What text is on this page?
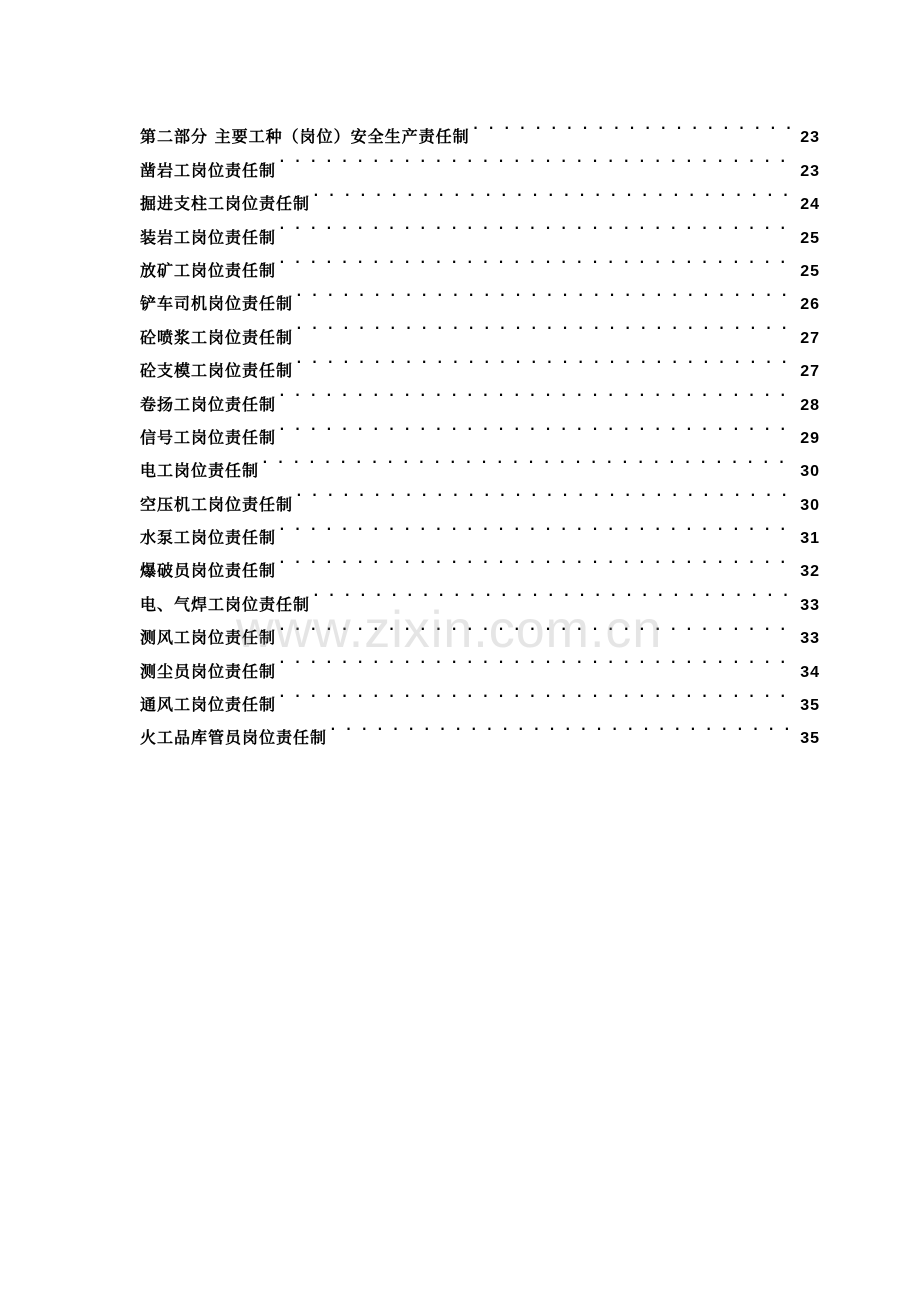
第二部分 主要工种（岗位）安全生产责任制 . . .	23
凿岩工岗位责任制 . . .	23
掘进支柱工岗位责任制 . . .	24
装岩工岗位责任制 . . .	25
放矿工岗位责任制 . . .	25
铲车司机岗位责任制 . . .	26
砼喷浆工岗位责任制 . . .	27
砼支模工岗位责任制 . . .	27
卷扬工岗位责任制 . . .	28
信号工岗位责任制 . . .	29
电工岗位责任制 . . .	30
空压机工岗位责任制 . . .	30
水泵工岗位责任制 . . .	31
爆破员岗位责任制 . . .	32
电、气焊工岗位责任制 . . .	33
测风工岗位责任制 . . .	33
测尘员岗位责任制 . . .	34
通风工岗位责任制 . . .	35
火工品库管员岗位责任制 . . .	35
www.zixin.com.cn
